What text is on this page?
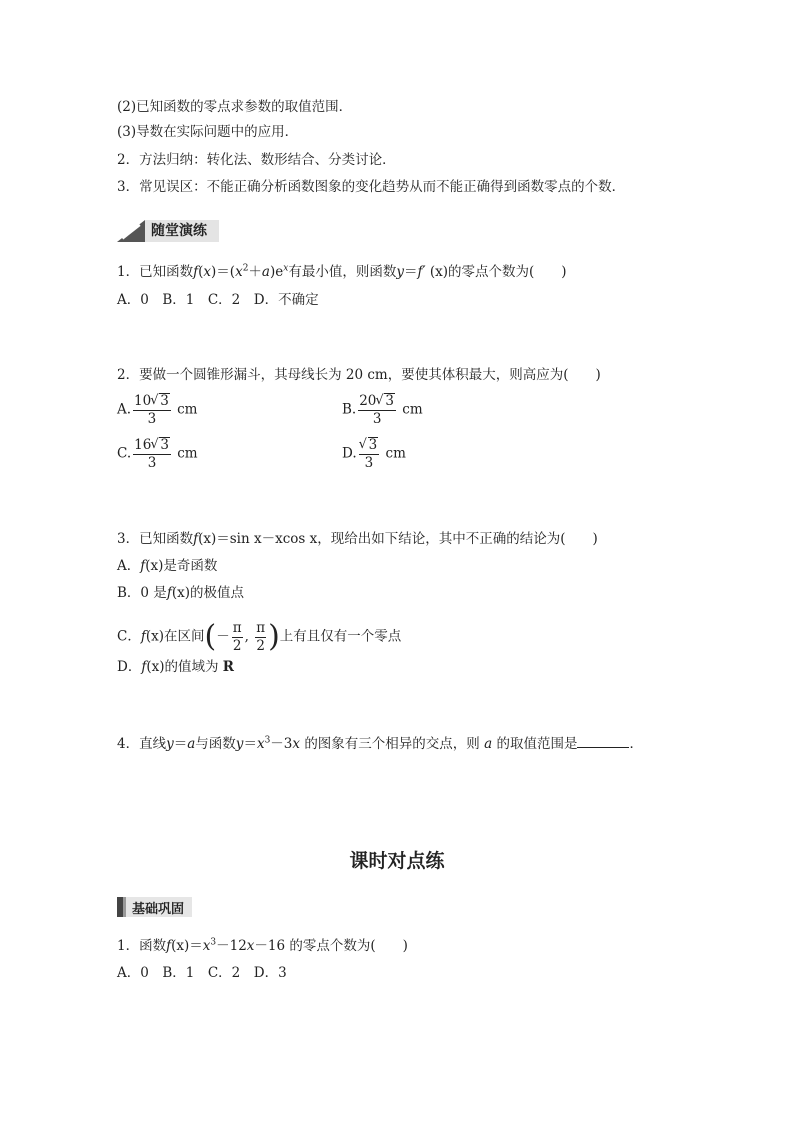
(2)已知函数的零点求参数的取值范围．
(3)导数在实际问题中的应用．
2．方法归纳：转化法、数形结合、分类讨论．
3．常见误区：不能正确分析函数图象的变化趋势从而不能正确得到函数零点的个数．
随堂演练
1．已知函数$f(x)=(x^2+a)e^x$有最小值，则函数y＝f′ (x)的零点个数为(　　)
A．0　B．1　C．2　D．不确定
2．要做一个圆锥形漏斗，其母线长为 20 cm，要使其体积最大，则高应为(　　)
A. $\frac{10 √ 3}{3}$ cm	B. $\frac{20 √ 3}{3}$ cm
C. $\frac{16 √ 3}{3}$ cm	D. √ $\frac{3}{3}$ cm
3．已知函数f(x)＝sin x－xcos x，现给出如下结论，其中不正确的结论为(　　)
A．f(x)是奇函数
B．0 是f(x)的极值点
C．f(x)在区间(－ $\frac{\pi}{2}$ , $\frac{\pi}{2}$ )上有且仅有一个零点
D．f(x)的值域为 R
4．直线y＝a与函数$y=x^3-3x$ 的图象有三个相异的交点，则 a 的取值范围是	．
课时对点练
基础巩固
1．函数$f(x)=x^3-12x-16$ 的零点个数为(　　)
A．0　B．1　C．2　D．3
